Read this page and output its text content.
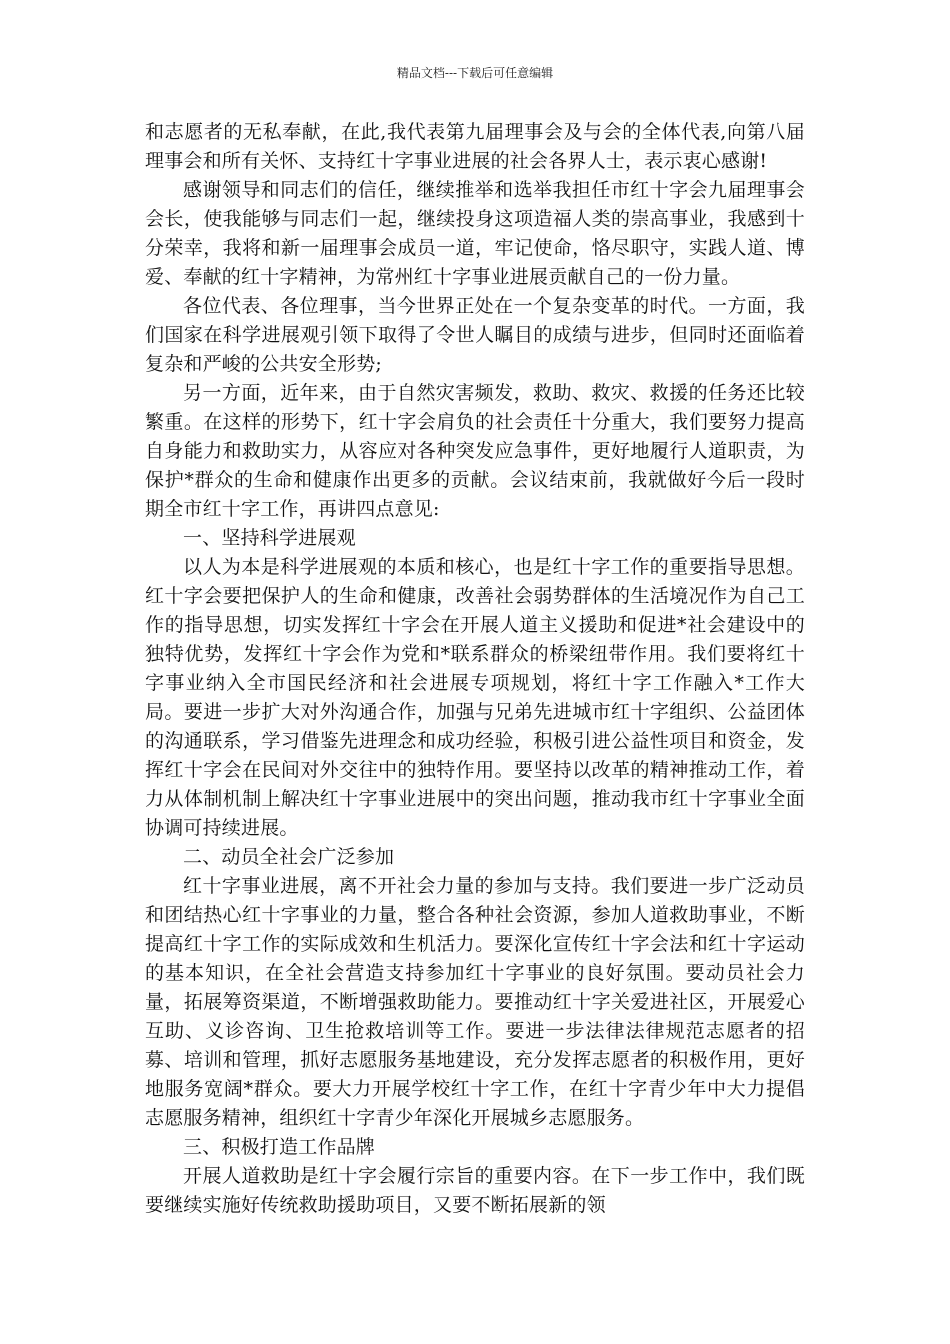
精品文档---下载后可任意编辑

和志愿者的无私奉献，在此,我代表第九届理事会及与会的全体代表,向第八届理事会和所有关怀、支持红十字事业进展的社会各界人士，表示衷心感谢!

感谢领导和同志们的信任，继续推举和选举我担任市红十字会九届理事会会长，使我能够与同志们一起，继续投身这项造福人类的崇高事业，我感到十分荣幸，我将和新一届理事会成员一道，牢记使命，恪尽职守，实践人道、博爱、奉献的红十字精神，为常州红十字事业进展贡献自己的一份力量。

各位代表、各位理事，当今世界正处在一个复杂变革的时代。一方面，我们国家在科学进展观引领下取得了令世人瞩目的成绩与进步，但同时还面临着复杂和严峻的公共安全形势;

另一方面，近年来，由于自然灾害频发，救助、救灾、救援的任务还比较繁重。在这样的形势下，红十字会肩负的社会责任十分重大，我们要努力提高自身能力和救助实力，从容应对各种突发应急事件，更好地履行人道职责，为保护*群众的生命和健康作出更多的贡献。会议结束前，我就做好今后一段时期全市红十字工作，再讲四点意见:

一、坚持科学进展观

以人为本是科学进展观的本质和核心，也是红十字工作的重要指导思想。红十字会要把保护人的生命和健康，改善社会弱势群体的生活境况作为自己工作的指导思想，切实发挥红十字会在开展人道主义援助和促进*社会建设中的独特优势，发挥红十字会作为党和*联系群众的桥梁纽带作用。我们要将红十字事业纳入全市国民经济和社会进展专项规划，将红十字工作融入*工作大局。要进一步扩大对外沟通合作，加强与兄弟先进城市红十字组织、公益团体的沟通联系，学习借鉴先进理念和成功经验，积极引进公益性项目和资金，发挥红十字会在民间对外交往中的独特作用。要坚持以改革的精神推动工作，着力从体制机制上解决红十字事业进展中的突出问题，推动我市红十字事业全面协调可持续进展。

二、动员全社会广泛参加

红十字事业进展，离不开社会力量的参加与支持。我们要进一步广泛动员和团结热心红十字事业的力量，整合各种社会资源，参加人道救助事业，不断提高红十字工作的实际成效和生机活力。要深化宣传红十字会法和红十字运动的基本知识，在全社会营造支持参加红十字事业的良好氛围。要动员社会力量，拓展筹资渠道，不断增强救助能力。要推动红十字关爱进社区，开展爱心互助、义诊咨询、卫生抢救培训等工作。要进一步法律法律规范志愿者的招募、培训和管理，抓好志愿服务基地建设，充分发挥志愿者的积极作用，更好地服务宽阔*群众。要大力开展学校红十字工作，在红十字青少年中大力提倡志愿服务精神，组织红十字青少年深化开展城乡志愿服务。

三、积极打造工作品牌

开展人道救助是红十字会履行宗旨的重要内容。在下一步工作中，我们既要继续实施好传统救助援助项目，又要不断拓展新的领
